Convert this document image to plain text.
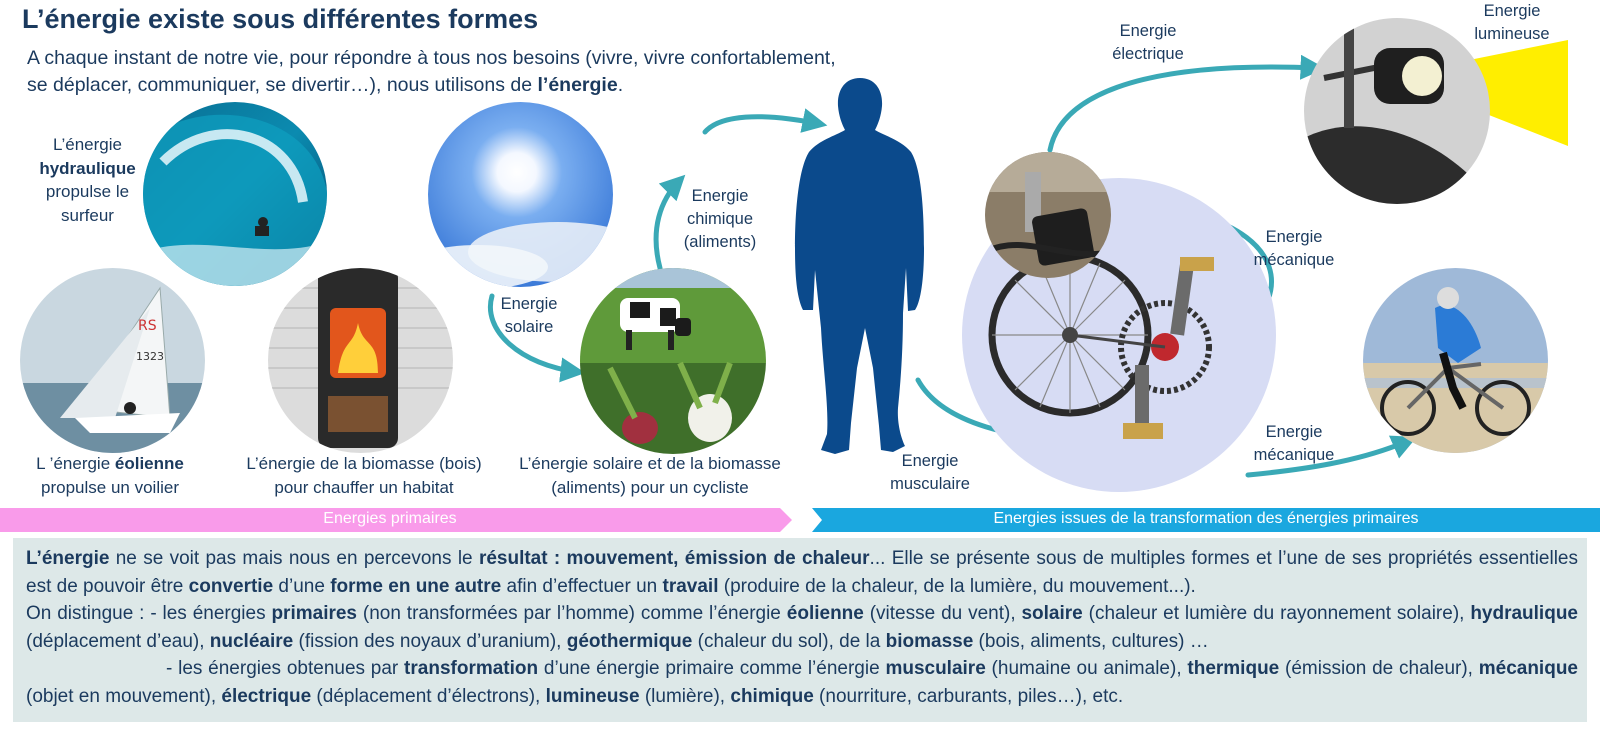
L’énergie existe sous différentes formes
A chaque instant de notre vie, pour répondre à tous nos besoins (vivre, vivre confortablement,
se déplacer, communiquer, se divertir…), nous utilisons de l’énergie.
L’énergie
hydraulique
propulse le
surfeur
RS
1323
L ’énergie éolienne
propulse un voilier
L’énergie de la biomasse (bois)
pour chauffer un habitat
L’énergie solaire et de la biomasse
(aliments) pour un cycliste
Energie
solaire
Energie
chimique
(aliments)
Energie
musculaire
Energie
lumineuse
Energie
électrique
Energie
mécanique
Energie
mécanique
Energies primaires	Energies issues de la transformation des énergies primaires
L’énergie ne se voit pas mais nous en percevons le résultat : mouvement, émission de chaleur... Elle se présente sous de multiples formes et l’une de ses propriétés essentielles est de pouvoir être convertie d’une forme en une autre afin d’effectuer un travail (produire de la chaleur, de la lumière, du mouvement...).
On distingue : - les énergies primaires (non transformées par l’homme) comme l’énergie éolienne (vitesse du vent), solaire (chaleur et lumière du rayonnement solaire), hydraulique (déplacement d’eau), nucléaire (fission des noyaux d’uranium), géothermique (chaleur du sol), de la biomasse (bois, aliments, cultures) …
- les énergies obtenues par transformation d’une énergie primaire comme l’énergie musculaire (humaine ou animale), thermique (émission de chaleur), mécanique (objet en mouvement), électrique (déplacement d’électrons), lumineuse (lumière), chimique (nourriture, carburants, piles…), etc.
